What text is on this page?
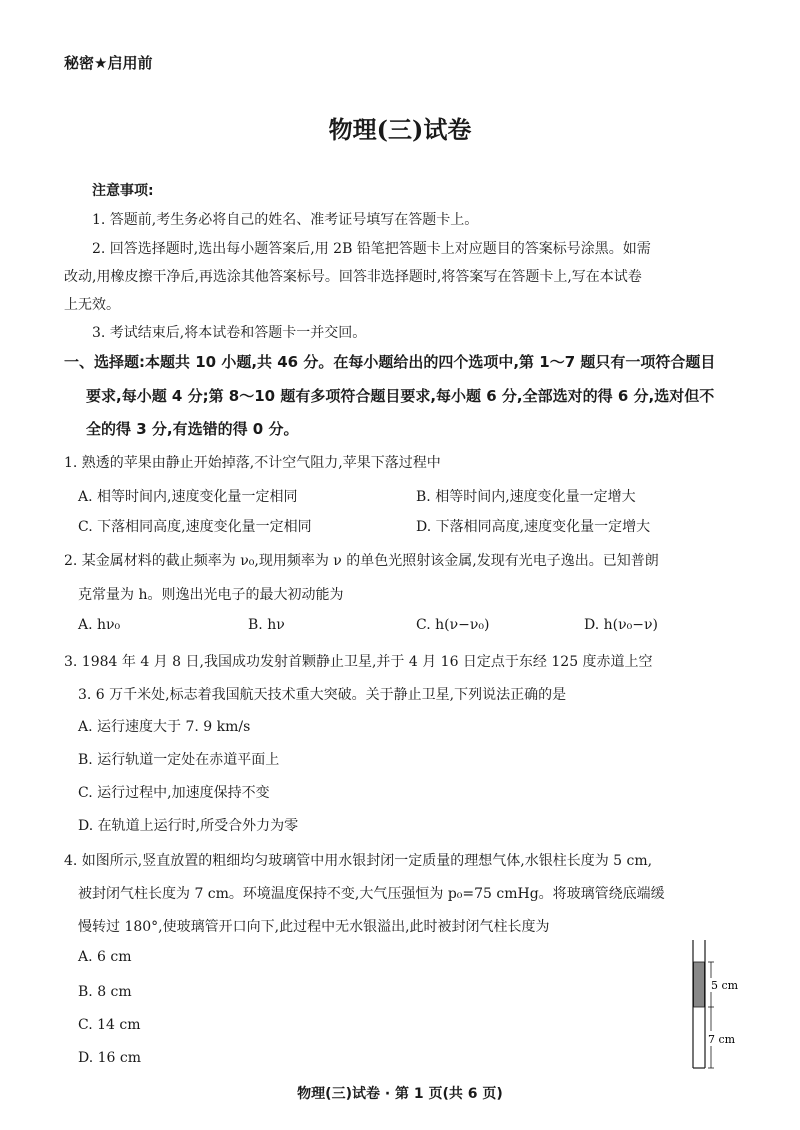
秘密★启用前
物理(三)试卷
注意事项:
1. 答题前,考生务必将自己的姓名、准考证号填写在答题卡上。
2. 回答选择题时,选出每小题答案后,用 2B 铅笔把答题卡上对应题目的答案标号涂黑。如需
改动,用橡皮擦干净后,再选涂其他答案标号。回答非选择题时,将答案写在答题卡上,写在本试卷
上无效。
3. 考试结束后,将本试卷和答题卡一并交回。
一、选择题:本题共 10 小题,共 46 分。在每小题给出的四个选项中,第 1～7 题只有一项符合题目
要求,每小题 4 分;第 8～10 题有多项符合题目要求,每小题 6 分,全部选对的得 6 分,选对但不
全的得 3 分,有选错的得 0 分。
1. 熟透的苹果由静止开始掉落,不计空气阻力,苹果下落过程中
A. 相等时间内,速度变化量一定相同	B. 相等时间内,速度变化量一定增大
C. 下落相同高度,速度变化量一定相同	D. 下落相同高度,速度变化量一定增大
2. 某金属材料的截止频率为 ν₀,现用频率为 ν 的单色光照射该金属,发现有光电子逸出。已知普朗
克常量为 h。则逸出光电子的最大初动能为
A. hν₀	B. hν	C. h(ν−ν₀)	D. h(ν₀−ν)
3. 1984 年 4 月 8 日,我国成功发射首颗静止卫星,并于 4 月 16 日定点于东经 125 度赤道上空
3. 6 万千米处,标志着我国航天技术重大突破。关于静止卫星,下列说法正确的是
A. 运行速度大于 7. 9 km/s
B. 运行轨道一定处在赤道平面上
C. 运行过程中,加速度保持不变
D. 在轨道上运行时,所受合外力为零
4. 如图所示,竖直放置的粗细均匀玻璃管中用水银封闭一定质量的理想气体,水银柱长度为 5 cm,
被封闭气柱长度为 7 cm。环境温度保持不变,大气压强恒为 p₀=75 cmHg。将玻璃管绕底端缓
慢转过 180°,使玻璃管开口向下,此过程中无水银溢出,此时被封闭气柱长度为
A. 6 cm
B. 8 cm
C. 14 cm
D. 16 cm
5 cm
7 cm
物理(三)试卷 · 第 1 页(共 6 页)
